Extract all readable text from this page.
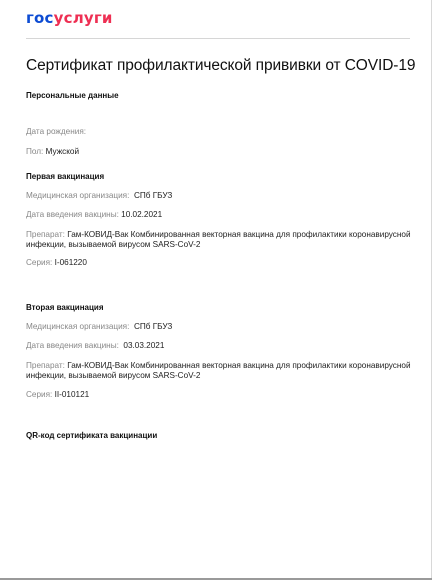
госуслуги
Сертификат профилактической прививки от COVID-19
Персональные данные
Дата рождения:
Пол: Мужской
Первая вакцинация
Медицинская организация: СПб ГБУЗ
Дата введения вакцины: 10.02.2021
Препарат: Гам-КОВИД-Вак Комбинированная векторная вакцина для профилактики коронавирусной инфекции, вызываемой вирусом SARS-CoV-2
Серия: I-061220
Вторая вакцинация
Медицинская организация: СПб ГБУЗ
Дата введения вакцины: 03.03.2021
Препарат: Гам-КОВИД-Вак Комбинированная векторная вакцина для профилактики коронавирусной инфекции, вызываемой вирусом SARS-CoV-2
Серия: II-010121
QR-код сертификата вакцинации
